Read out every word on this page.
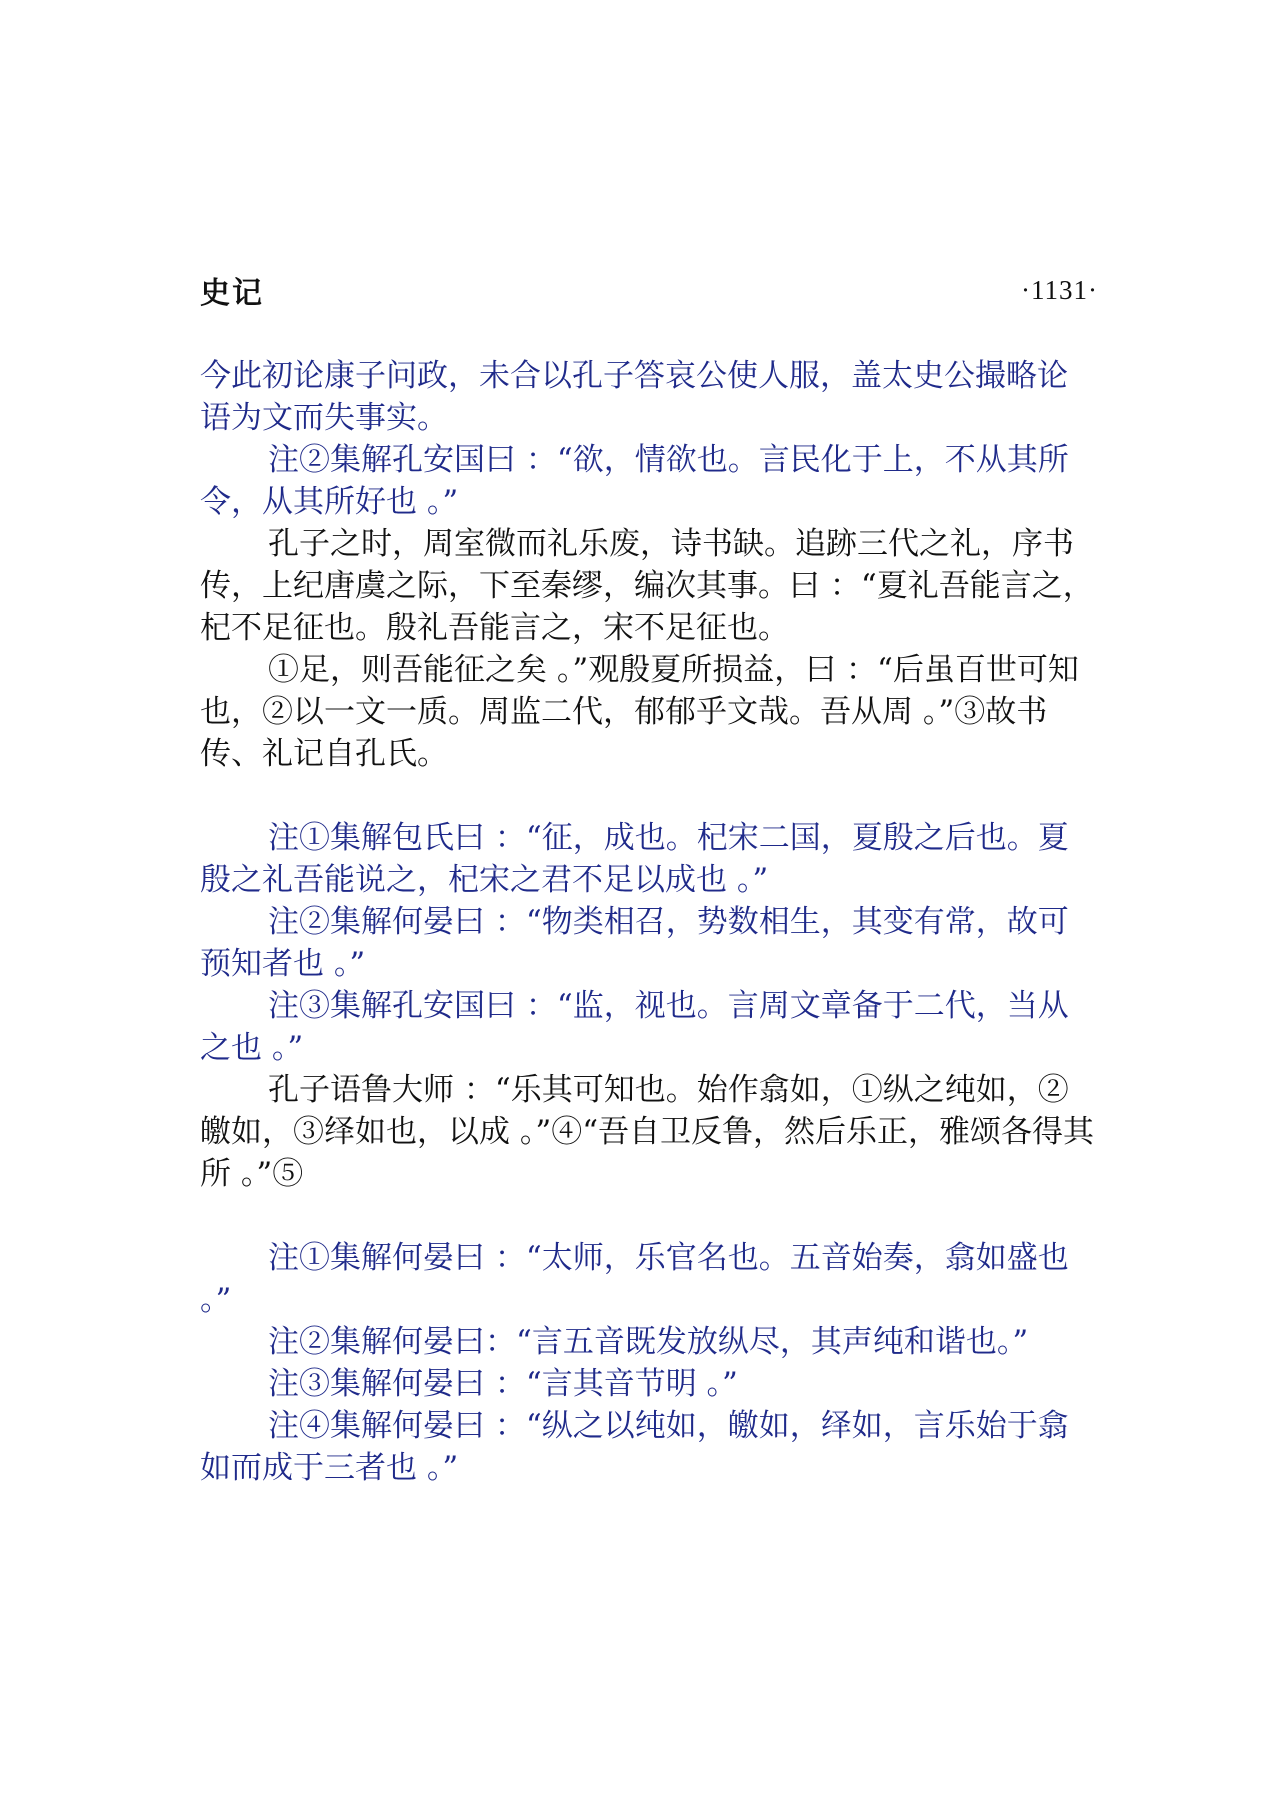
史记	·1131·

今此初论康子问政，未合以孔子答哀公使人服，盖太史公撮略论语为文而失事实。

注②集解孔安国曰 ：“欲，情欲也。言民化于上，不从其所令，从其所好也 。”

孔子之时，周室微而礼乐废，诗书缺。追跡三代之礼，序书传，上纪唐虞之际，下至秦缪，编次其事。曰 ：“夏礼吾能言之，杞不足征也。殷礼吾能言之，宋不足征也。

①足，则吾能征之矣 。”观殷夏所损益，曰 ：“后虽百世可知也，②以一文一质。周监二代，郁郁乎文哉。吾从周 。”③故书传、礼记自孔氏。

注①集解包氏曰 ：“征，成也。杞宋二国，夏殷之后也。夏殷之礼吾能说之，杞宋之君不足以成也 。”

注②集解何晏曰 ：“物类相召，势数相生，其变有常，故可预知者也 。”

注③集解孔安国曰 ：“监，视也。言周文章备于二代，当从之也 。”

孔子语鲁大师 ：“乐其可知也。始作翕如，①纵之纯如，②皦如，③绎如也，以成 。”④“吾自卫反鲁，然后乐正，雅颂各得其所 。”⑤

注①集解何晏曰 ：“太师，乐官名也。五音始奏，翕如盛也 。”

注②集解何晏曰：“言五音既发放纵尽，其声纯和谐也。”

注③集解何晏曰 ：“言其音节明 。”

注④集解何晏曰 ：“纵之以纯如，皦如，绎如，言乐始于翕如而成于三者也 。”
